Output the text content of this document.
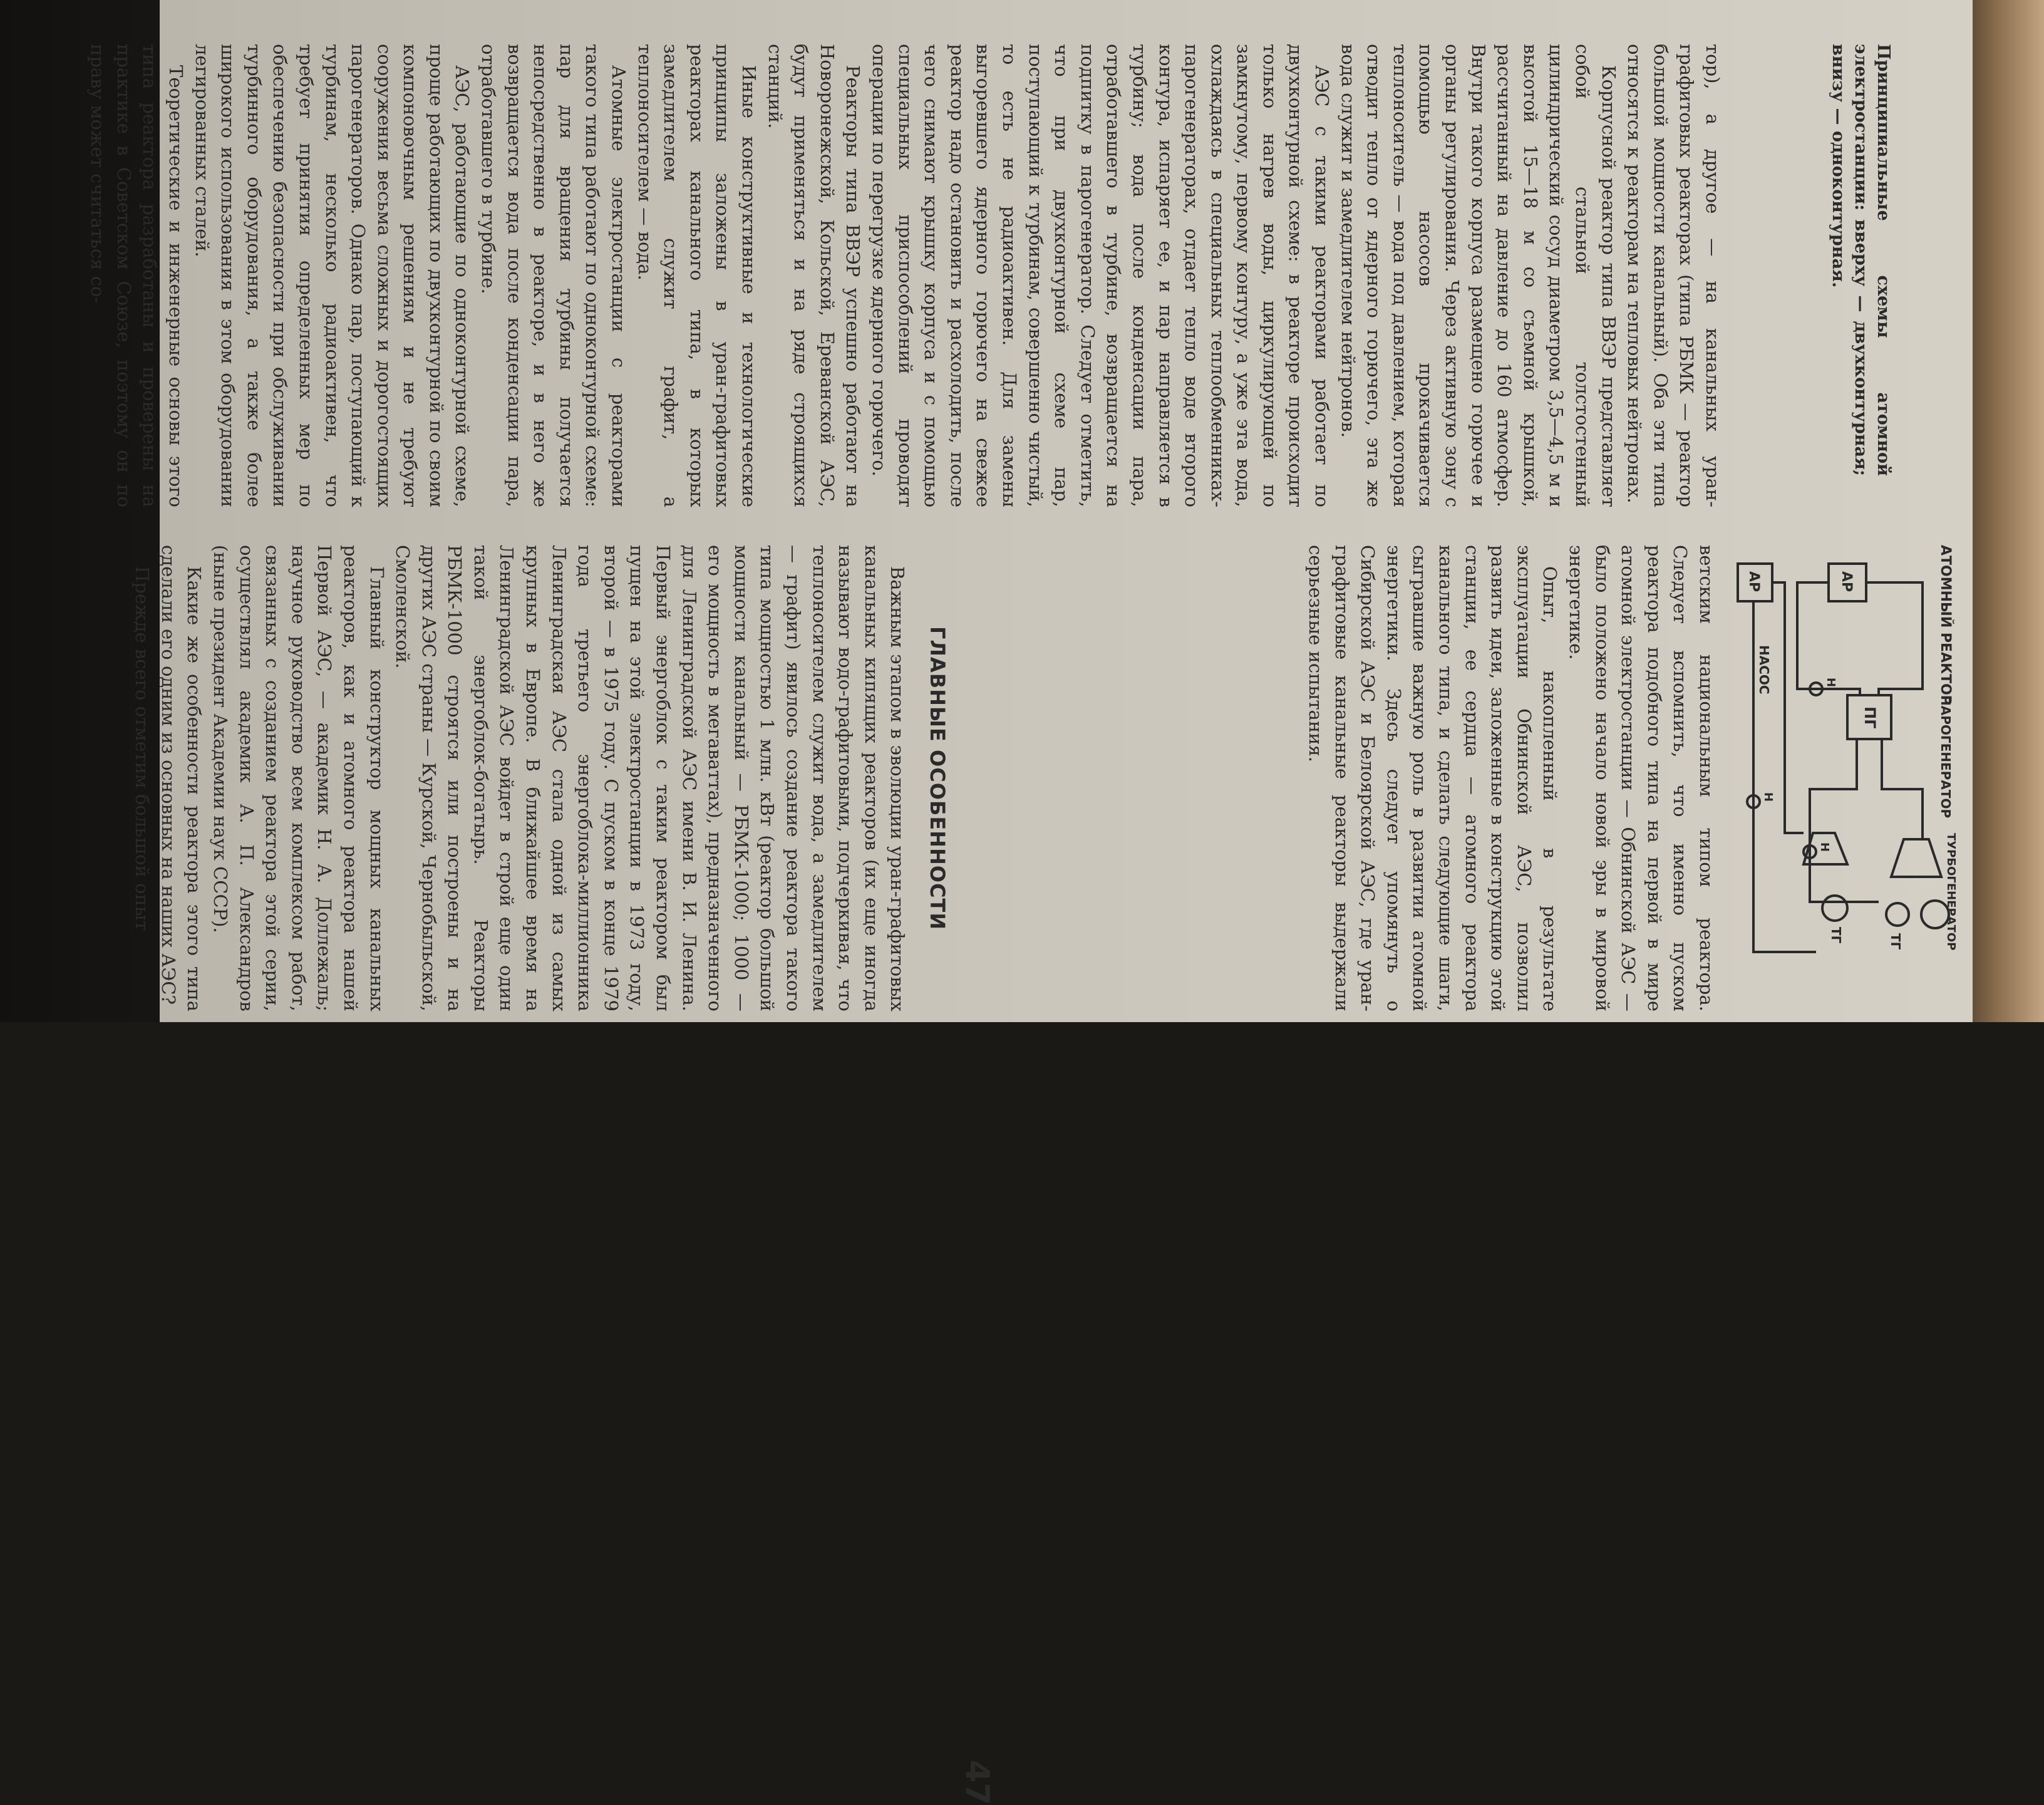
АТОМНЫЙ РЕАКТОР
ПАРОГЕНЕРАТОР
ТУРБОГЕНЕРАТОР
НАСОС
АР
АР
ПГ
Н
Н
Н
ТГ
ТГ
Принципиальные схемы атомной электростанции: вверху — двухконтурная; внизу — одноконтурная.

тор), а другое — на канальных уран-графитовых реакторах (типа РБМК — реактор большой мощности канальный). Оба эти типа относятся к реакторам на тепловых нейтронах.

Корпусной реактор типа ВВЭР представляет собой стальной толстостенный цилиндрический сосуд диаметром 3,5—4,5 м и высотой 15—18 м со съемной крышкой, рассчитанный на давление до 160 атмосфер. Внутри такого корпуса размещено горючее и органы регулирования. Через активную зону с помощью насосов прокачивается теплоноситель — вода под давлением, которая отводит тепло от ядерного горючего, эта же вода служит и замедлителем нейтронов.

АЭС с такими реакторами работает по двухконтурной схеме: в реакторе происходит только нагрев воды, циркулирующей по замкнутому, первому контуру, а уже эта вода, охлаждаясь в специальных теплообменниках-парогенераторах, отдает тепло воде второго контура, испаряет ее, и пар направляется в турбину; вода после конденсации пара, отработавшего в турбине, возвращается на подпитку в парогенератор. Следует отметить, что при двухконтурной схеме пар, поступающий к турбинам, совершенно чистый, то есть не радиоактивен. Для замены выгоревшего ядерного горючего на свежее реактор надо остановить и расхолодить, после чего снимают крышку корпуса и с помощью специальных приспособлений проводят операции по перегрузке ядерного горючего.

Реакторы типа ВВЭР успешно работают на Новоронежской, Кольской, Ереванской АЭС, будут применяться и на ряде строящихся станций.

Иные конструктивные и технологические принципы заложены в уран-графитовых реакторах канального типа, в которых замедлителем служит графит, а теплоносителем — вода.

Атомные электростанции с реакторами такого типа работают по одноконтурной схеме: пар для вращения турбины получается непосредственно в реакторе, и в него же возвращается вода после конденсации пара, отработавшего в турбине.

АЭС, работающие по одноконтурной схеме, проще работающих по двухконтурной по своим компоновочным решениям и не требуют сооружения весьма сложных и дорогостоящих парогенераторов. Однако пар, поступающий к турбинам, несколько радиоактивен, что требует принятия определенных мер по обеспечению безопасности при обслуживании турбинного оборудования, а также более широкого использования в этом оборудовании легированных сталей.

Теоретические и инженерные основы этого типа реактора разработаны и проверены на практике в Советском Союзе, поэтому он по праву может считаться со-

ветским национальным типом реактора. Следует вспомнить, что именно пуском реактора подобного типа на первой в мире атомной электростанции — Обнинской АЭС — было положено начало новой эры в мировой энергетике.

Опыт, накопленный в результате эксплуатации Обнинской АЭС, позволил развить идеи, заложенные в конструкцию этой станции, ее сердца — атомного реактора канального типа, и сделать следующие шаги, сыгравшие важную роль в развитии атомной энергетики. Здесь следует упомянуть о Сибирской АЭС и Белоярской АЭС, где уран-графитовые канальные реакторы выдержали серьезные испытания.

ГЛАВНЫЕ ОСОБЕННОСТИ

Важным этапом в эволюции уран-графитовых канальных кипящих реакторов (их еще иногда называют водо-графитовыми, подчеркивая, что теплоносителем служит вода, а замедлителем — графит) явилось создание реактора такого типа мощностью 1 млн. кВт (реактор большой мощности канальный — РБМК-1000; 1000 — его мощность в мегаваттах), предназначенного для Ленинградской АЭС имени В. И. Ленина. Первый энергоблок с таким реактором был пущен на этой электростанции в 1973 году, второй — в 1975 году. С пуском в конце 1979 года третьего энергоблока-миллионника Ленинградская АЭС стала одной из самых крупных в Европе. В ближайшее время на Ленинградской АЭС войдет в строй еще один такой энергоблок-богатырь. Реакторы РБМК-1000 строятся или построены и на других АЭС страны — Курской, Чернобыльской, Смоленской.

Главный конструктор мощных канальных реакторов, как и атомного реактора нашей Первой АЭС, — академик Н. А. Доллежаль; научное руководство всем комплексом работ, связанных с созданием реактора этой серии, осуществлял академик А. П. Александров (ныне президент Академии наук СССР).

Какие же особенности реактора этого типа сделали его одним из основных на наших АЭС?

Прежде всего отметим большой опыт

47
